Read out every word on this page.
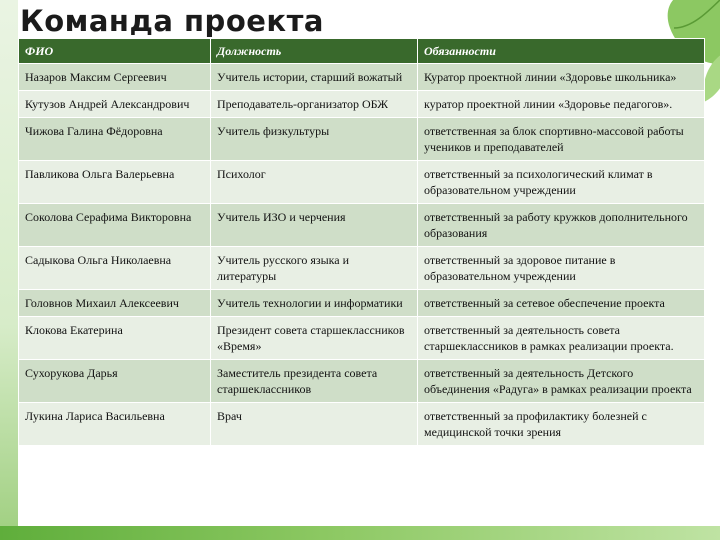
Команда проекта
ФИО	Должность	Обязанности
Назаров Максим Сергеевич	Учитель истории, старший вожатый	Куратор проектной линии «Здоровье школьника»
Кутузов Андрей Александрович	Преподаватель-организатор ОБЖ	куратор проектной линии «Здоровье педагогов».
Чижова Галина Фёдоровна	Учитель физкультуры	ответственная за блок спортивно-массовой работы учеников и преподавателей
Павликова Ольга Валерьевна	Психолог	ответственный за психологический климат в образовательном учреждении
Соколова Серафима Викторовна	Учитель ИЗО и черчения	ответственный за работу кружков дополнительного образования
Садыкова Ольга Николаевна	Учитель русского языка и литературы	ответственный за здоровое питание в образовательном учреждении
Головнов Михаил Алексеевич	Учитель технологии и информатики	ответственный за сетевое обеспечение проекта
Клокова Екатерина	Президент совета старшеклассников «Время»	ответственный за деятельность совета старшеклассников в рамках реализации проекта.
Сухорукова Дарья	Заместитель президента совета старшеклассников	ответственный за деятельность Детского объединения «Радуга» в рамках реализации проекта
Лукина Лариса Васильевна	Врач	ответственный за профилактику болезней с медицинской точки зрения
